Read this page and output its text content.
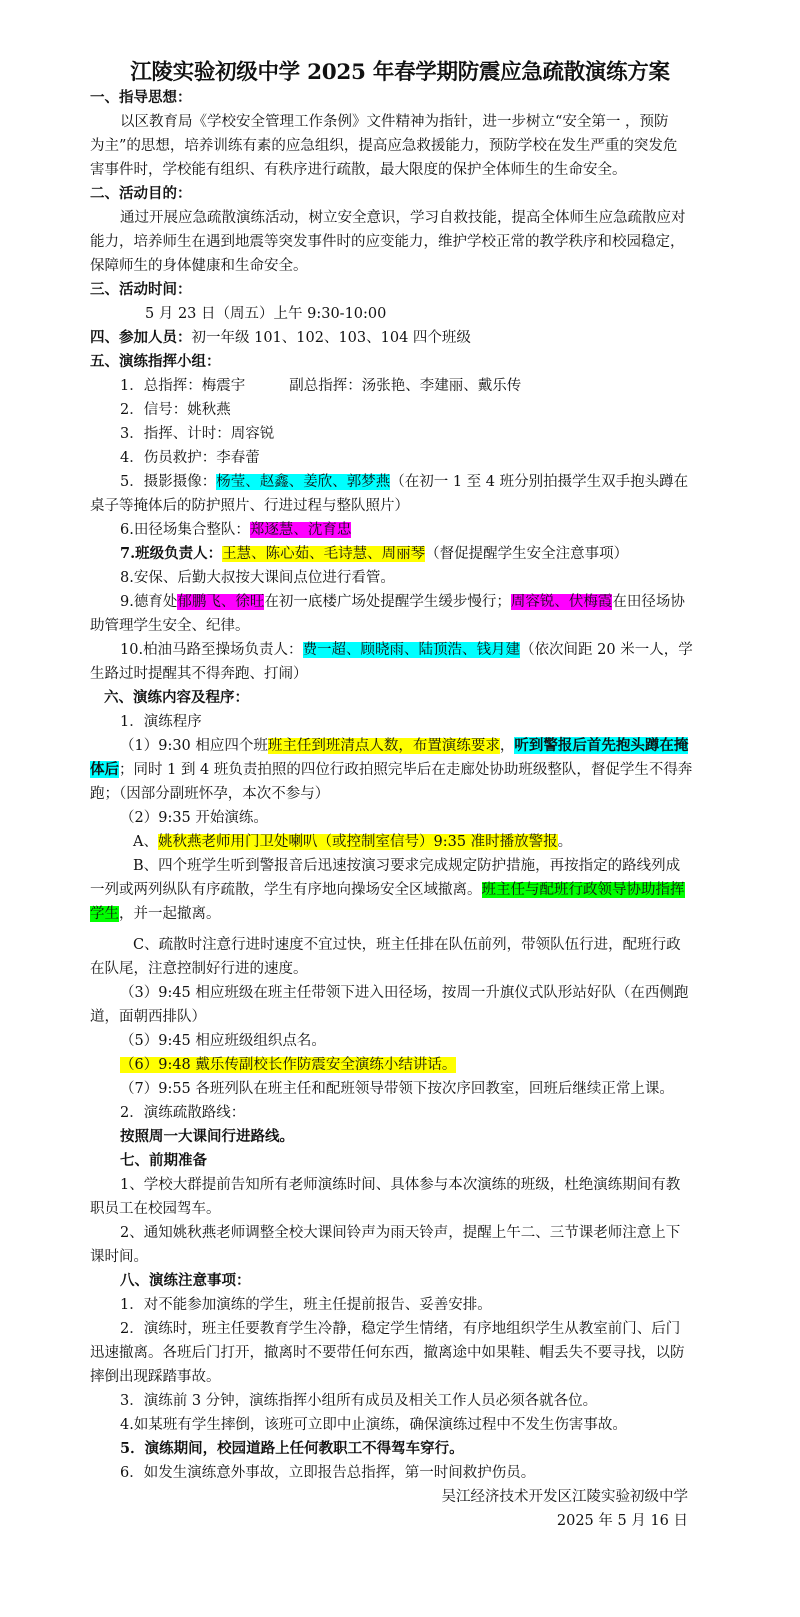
江陵实验初级中学 2025 年春学期防震应急疏散演练方案
一、指导思想：
以区教育局《学校安全管理工作条例》文件精神为指针，进一步树立“安全第一 ，预防
为主”的思想，培养训练有素的应急组织，提高应急救援能力，预防学校在发生严重的突发危
害事件时，学校能有组织、有秩序进行疏散，最大限度的保护全体师生的生命安全。
二、活动目的：
通过开展应急疏散演练活动，树立安全意识，学习自救技能，提高全体师生应急疏散应对
能力，培养师生在遇到地震等突发事件时的应变能力，维护学校正常的教学秩序和校园稳定，
保障师生的身体健康和生命安全。
三、活动时间：
5 月 23 日（周五）上午 9:30-10:00
四、参加人员：初一年级 101、102、103、104 四个班级
五、演练指挥小组：
1．总指挥：梅震宇	副总指挥：汤张艳、李建丽、戴乐传
2．信号：姚秋燕
3．指挥、计时：周容锐
4．伤员救护：李春蕾
5．摄影摄像：杨莹、赵鑫、姜欣、郭梦燕（在初一 1 至 4 班分别拍摄学生双手抱头蹲在
桌子等掩体后的防护照片、行进过程与整队照片）
6.田径场集合整队：郑逐慧、沈育忠
7.班级负责人：王慧、陈心茹、毛诗慧、周丽琴（督促提醒学生安全注意事项）
8.安保、后勤大叔按大课间点位进行看管。
9.德育处郁鹏飞、徐旺在初一底楼广场处提醒学生缓步慢行；周容锐、伏梅霞在田径场协
助管理学生安全、纪律。
10.柏油马路至操场负责人：费一超、顾晓雨、陆顶浩、钱月建（依次间距 20 米一人，学
生路过时提醒其不得奔跑、打闹）
六、演练内容及程序：
1．演练程序
（1）9:30 相应四个班班主任到班清点人数，布置演练要求，听到警报后首先抱头蹲在掩
体后；同时 1 到 4 班负责拍照的四位行政拍照完毕后在走廊处协助班级整队，督促学生不得奔
跑；（因部分副班怀孕，本次不参与）
（2）9:35 开始演练。
A、姚秋燕老师用门卫处喇叭（或控制室信号）9:35 准时播放警报。
B、四个班学生听到警报音后迅速按演习要求完成规定防护措施，再按指定的路线列成
一列或两列纵队有序疏散，学生有序地向操场安全区域撤离。班主任与配班行政领导协助指挥
学生，并一起撤离。
C、疏散时注意行进时速度不宜过快，班主任排在队伍前列，带领队伍行进，配班行政
在队尾，注意控制好行进的速度。
（3）9:45 相应班级在班主任带领下进入田径场，按周一升旗仪式队形站好队（在西侧跑
道，面朝西排队）
（5）9:45 相应班级组织点名。
（6）9:48 戴乐传副校长作防震安全演练小结讲话。
（7）9:55 各班列队在班主任和配班领导带领下按次序回教室，回班后继续正常上课。
2．演练疏散路线：
按照周一大课间行进路线。
七、前期准备
1、学校大群提前告知所有老师演练时间、具体参与本次演练的班级，杜绝演练期间有教
职员工在校园驾车。
2、通知姚秋燕老师调整全校大课间铃声为雨天铃声，提醒上午二、三节课老师注意上下
课时间。
八、演练注意事项：
1．对不能参加演练的学生，班主任提前报告、妥善安排。
2．演练时，班主任要教育学生冷静，稳定学生情绪，有序地组织学生从教室前门、后门
迅速撤离。各班后门打开，撤离时不要带任何东西，撤离途中如果鞋、帽丢失不要寻找，以防
摔倒出现踩踏事故。
3．演练前 3 分钟，演练指挥小组所有成员及相关工作人员必须各就各位。
4.如某班有学生摔倒，该班可立即中止演练，确保演练过程中不发生伤害事故。
5．演练期间，校园道路上任何教职工不得驾车穿行。
6．如发生演练意外事故，立即报告总指挥，第一时间救护伤员。
吴江经济技术开发区江陵实验初级中学
2025 年 5 月 16 日
